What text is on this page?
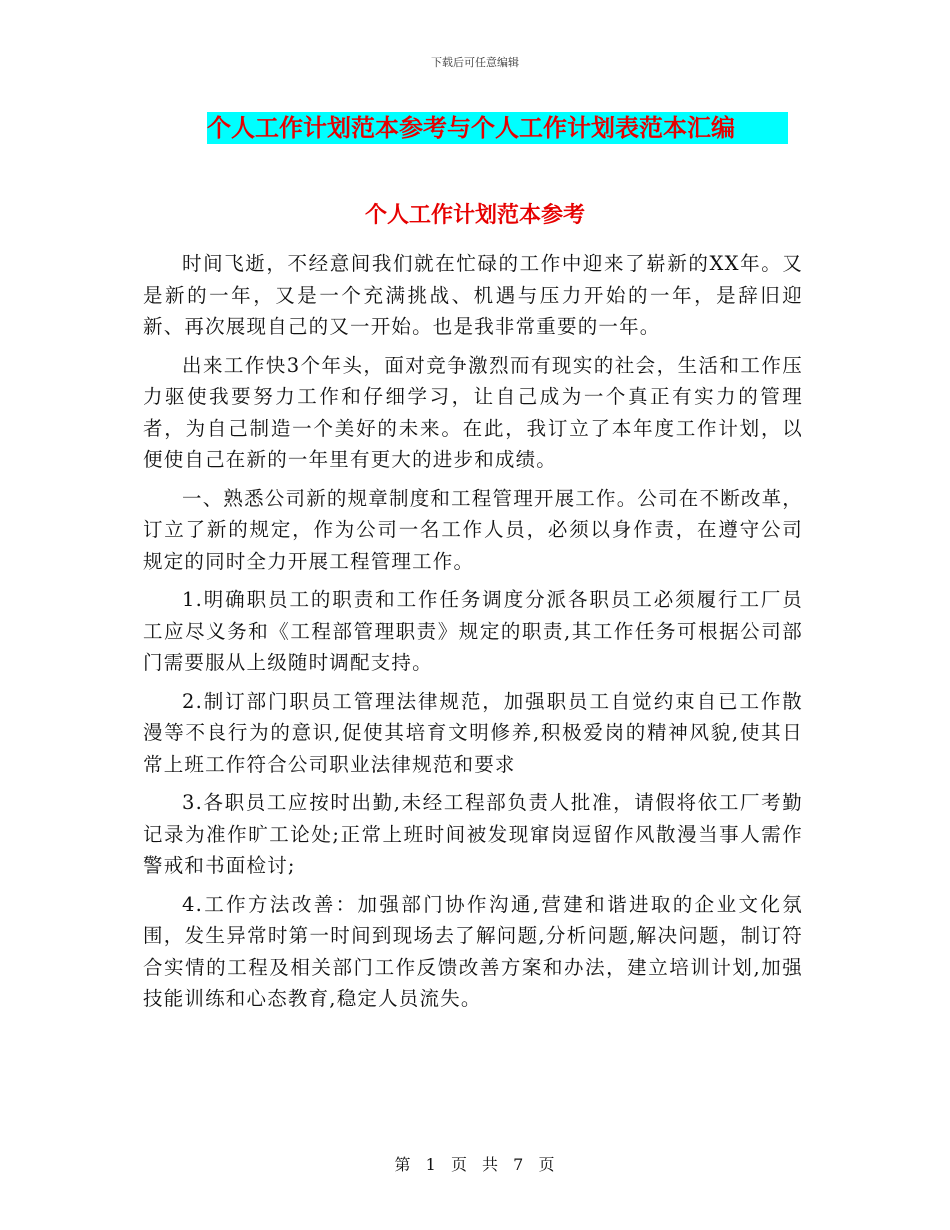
下载后可任意编辑
个人工作计划范本参考与个人工作计划表范本汇编
个人工作计划范本参考

时间飞逝，不经意间我们就在忙碌的工作中迎来了崭新的XX年。又是新的一年，又是一个充满挑战、机遇与压力开始的一年，是辞旧迎新、再次展现自己的又一开始。也是我非常重要的一年。

出来工作快3个年头，面对竞争激烈而有现实的社会，生活和工作压力驱使我要努力工作和仔细学习，让自己成为一个真正有实力的管理者，为自己制造一个美好的未来。在此，我订立了本年度工作计划，以便使自己在新的一年里有更大的进步和成绩。

一、熟悉公司新的规章制度和工程管理开展工作。公司在不断改革，订立了新的规定，作为公司一名工作人员，必须以身作责，在遵守公司规定的同时全力开展工程管理工作。

1.明确职员工的职责和工作任务调度分派各职员工必须履行工厂员工应尽义务和《工程部管理职责》规定的职责,其工作任务可根据公司部门需要服从上级随时调配支持。

2.制订部门职员工管理法律规范，加强职员工自觉约束自已工作散漫等不良行为的意识,促使其培育文明修养,积极爱岗的精神风貌,使其日常上班工作符合公司职业法律规范和要求

3.各职员工应按时出勤,未经工程部负责人批准，请假将依工厂考勤记录为准作旷工论处;正常上班时间被发现窜岗逗留作风散漫当事人需作警戒和书面检讨;

4.工作方法改善：加强部门协作沟通,营建和谐进取的企业文化氛围，发生异常时第一时间到现场去了解问题,分析问题,解决问题，制订符合实情的工程及相关部门工作反馈改善方案和办法，建立培训计划,加强技能训练和心态教育,稳定人员流失。

第 1 页 共 7 页
